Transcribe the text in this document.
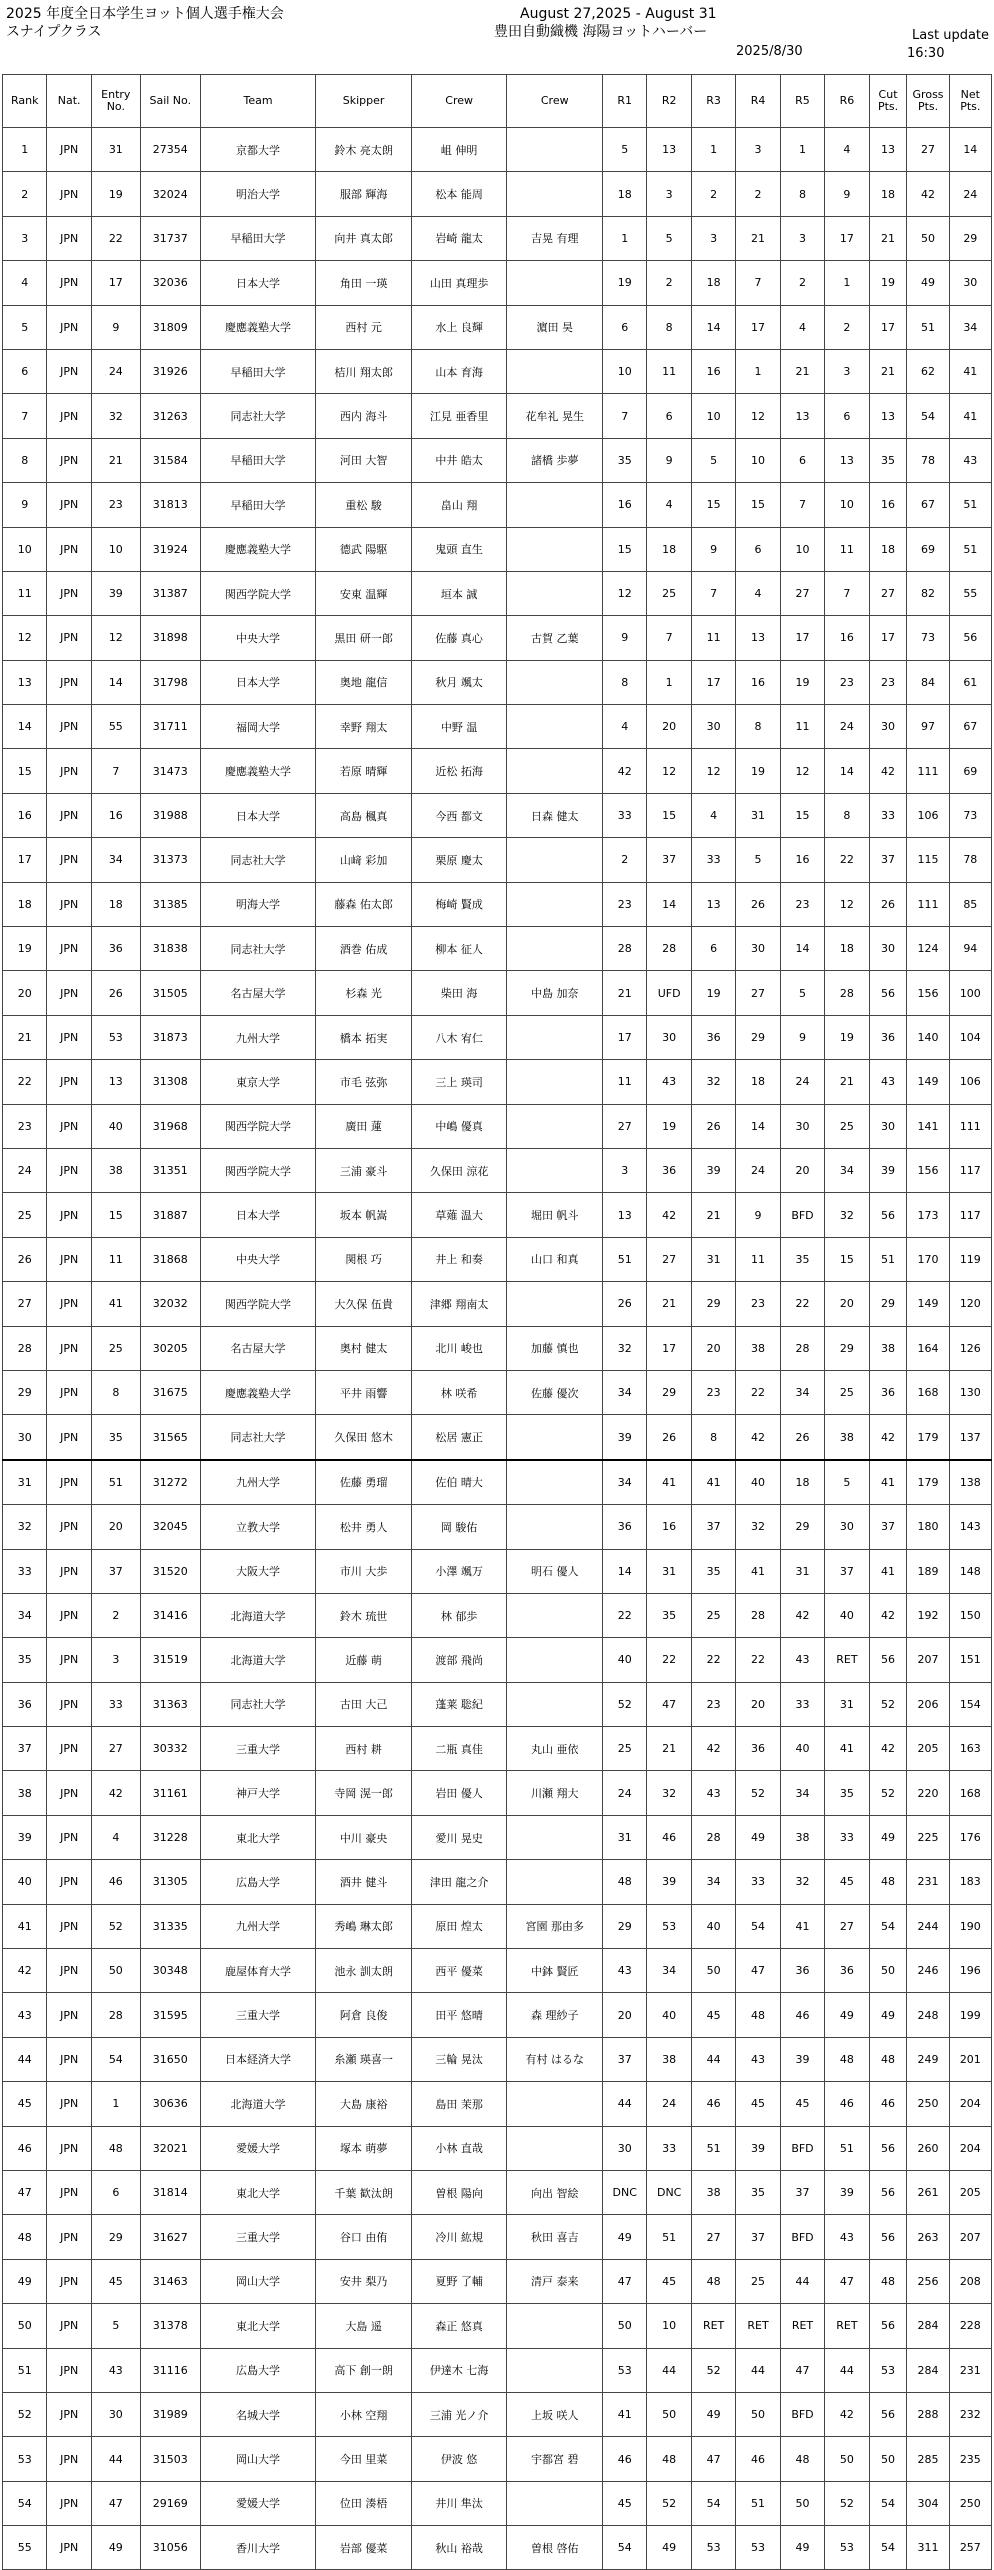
2025 年度全日本学生ヨット個人選手権大会
スナイプクラス
August 27,2025 - August 31
豊田自動織機 海陽ヨットハーバー
2025/8/30
Last update
16:30
Rank	Nat.	Entry No.	Sail No.	Team	Skipper	Crew	Crew	R1	R2	R3	R4	R5	R6	Cut Pts.	Gross Pts.	Net Pts.
1	JPN	31	27354	京都大学	鈴木 亮太朗	岨 伸明		5	13	1	3	1	4	13	27	14
2	JPN	19	32024	明治大学	服部 輝海	松本 能周		18	3	2	2	8	9	18	42	24
3	JPN	22	31737	早稲田大学	向井 真太郎	岩崎 龍太	吉晃 有理	1	5	3	21	3	17	21	50	29
4	JPN	17	32036	日本大学	角田 一瑛	山田 真理歩		19	2	18	7	2	1	19	49	30
5	JPN	9	31809	慶應義塾大学	西村 元	水上 良輝	濵田 昊	6	8	14	17	4	2	17	51	34
6	JPN	24	31926	早稲田大学	桔川 翔太郎	山本 育海		10	11	16	1	21	3	21	62	41
7	JPN	32	31263	同志社大学	西内 海斗	江見 亜香里	花牟礼 晃生	7	6	10	12	13	6	13	54	41
8	JPN	21	31584	早稲田大学	河田 大智	中井 皓太	諸橋 歩夢	35	9	5	10	6	13	35	78	43
9	JPN	23	31813	早稲田大学	重松 駿	畠山 翔		16	4	15	15	7	10	16	67	51
10	JPN	10	31924	慶應義塾大学	德武 陽駆	鬼頭 直生		15	18	9	6	10	11	18	69	51
11	JPN	39	31387	関西学院大学	安東 温輝	垣本 誠		12	25	7	4	27	7	27	82	55
12	JPN	12	31898	中央大学	黒田 研一郎	佐藤 真心	古賀 乙葉	9	7	11	13	17	16	17	73	56
13	JPN	14	31798	日本大学	奥地 龍信	秋月 颯太		8	1	17	16	19	23	23	84	61
14	JPN	55	31711	福岡大学	幸野 翔太	中野 温		4	20	30	8	11	24	30	97	67
15	JPN	7	31473	慶應義塾大学	若原 晴輝	近松 拓海		42	12	12	19	12	14	42	111	69
16	JPN	16	31988	日本大学	高島 楓真	今西 都文	日森 健太	33	15	4	31	15	8	33	106	73
17	JPN	34	31373	同志社大学	山﨑 彩加	栗原 慶太		2	37	33	5	16	22	37	115	78
18	JPN	18	31385	明海大学	藤森 佑太郎	梅崎 賢成		23	14	13	26	23	12	26	111	85
19	JPN	36	31838	同志社大学	酒巻 佑成	柳本 征人		28	28	6	30	14	18	30	124	94
20	JPN	26	31505	名古屋大学	杉森 光	柴田 海	中島 加奈	21	UFD	19	27	5	28	56	156	100
21	JPN	53	31873	九州大学	橋本 拓実	八木 宥仁		17	30	36	29	9	19	36	140	104
22	JPN	13	31308	東京大学	市毛 弦弥	三上 瑛司		11	43	32	18	24	21	43	149	106
23	JPN	40	31968	関西学院大学	廣田 蓮	中嶋 優真		27	19	26	14	30	25	30	141	111
24	JPN	38	31351	関西学院大学	三浦 豪斗	久保田 涼花		3	36	39	24	20	34	39	156	117
25	JPN	15	31887	日本大学	坂本 帆嵩	草薙 温大	堀田 帆斗	13	42	21	9	BFD	32	56	173	117
26	JPN	11	31868	中央大学	関根 巧	井上 和奏	山口 和真	51	27	31	11	35	15	51	170	119
27	JPN	41	32032	関西学院大学	大久保 伍貴	津郷 翔南太		26	21	29	23	22	20	29	149	120
28	JPN	25	30205	名古屋大学	奥村 健太	北川 峻也	加藤 慎也	32	17	20	38	28	29	38	164	126
29	JPN	8	31675	慶應義塾大学	平井 雨響	林 咲希	佐藤 優次	34	29	23	22	34	25	36	168	130
30	JPN	35	31565	同志社大学	久保田 悠木	松居 憲正		39	26	8	42	26	38	42	179	137
31	JPN	51	31272	九州大学	佐藤 勇瑠	佐伯 晴大		34	41	41	40	18	5	41	179	138
32	JPN	20	32045	立教大学	松井 勇人	岡 駿佑		36	16	37	32	29	30	37	180	143
33	JPN	37	31520	大阪大学	市川 大歩	小澤 颯万	明石 優人	14	31	35	41	31	37	41	189	148
34	JPN	2	31416	北海道大学	鈴木 琉世	林 郁歩		22	35	25	28	42	40	42	192	150
35	JPN	3	31519	北海道大学	近藤 萌	渡部 飛尚		40	22	22	22	43	RET	56	207	151
36	JPN	33	31363	同志社大学	古田 大己	蓬莱 聡紀		52	47	23	20	33	31	52	206	154
37	JPN	27	30332	三重大学	西村 耕	二瓶 真佳	丸山 亜依	25	21	42	36	40	41	42	205	163
38	JPN	42	31161	神戸大学	寺岡 滉一郎	岩田 優人	川瀬 翔大	24	32	43	52	34	35	52	220	168
39	JPN	4	31228	東北大学	中川 豪央	愛川 晃史		31	46	28	49	38	33	49	225	176
40	JPN	46	31305	広島大学	酒井 健斗	津田 龍之介		48	39	34	33	32	45	48	231	183
41	JPN	52	31335	九州大学	秀嶋 琳太郎	原田 煌太	宮園 那由多	29	53	40	54	41	27	54	244	190
42	JPN	50	30348	鹿屋体育大学	池永 訓太朗	西平 優菜	中鉢 賢匠	43	34	50	47	36	36	50	246	196
43	JPN	28	31595	三重大学	阿倉 良俊	田平 悠晴	森 理紗子	20	40	45	48	46	49	49	248	199
44	JPN	54	31650	日本経済大学	糸瀬 瑛喜一	三輪 晃汰	有村 はるな	37	38	44	43	39	48	48	249	201
45	JPN	1	30636	北海道大学	大島 康裕	島田 茉那		44	24	46	45	45	46	46	250	204
46	JPN	48	32021	愛媛大学	塚本 萌夢	小林 直哉		30	33	51	39	BFD	51	56	260	204
47	JPN	6	31814	東北大学	千葉 歓汰朗	曽根 陽向	向出 智絵	DNC	DNC	38	35	37	39	56	261	205
48	JPN	29	31627	三重大学	谷口 由侑	冷川 紘規	秋田 喜吉	49	51	27	37	BFD	43	56	263	207
49	JPN	45	31463	岡山大学	安井 梨乃	夏野 了輔	清戸 泰来	47	45	48	25	44	47	48	256	208
50	JPN	5	31378	東北大学	大島 遥	森正 悠真		50	10	RET	RET	RET	RET	56	284	228
51	JPN	43	31116	広島大学	高下 創一朗	伊達木 七海		53	44	52	44	47	44	53	284	231
52	JPN	30	31989	名城大学	小林 空翔	三浦 光ノ介	上坂 咲人	41	50	49	50	BFD	42	56	288	232
53	JPN	44	31503	岡山大学	今田 里菜	伊波 悠	宇都宮 碧	46	48	47	46	48	50	50	285	235
54	JPN	47	29169	愛媛大学	位田 湊梧	井川 隼汰		45	52	54	51	50	52	54	304	250
55	JPN	49	31056	香川大学	岩部 優菜	秋山 裕哉	曽根 啓佑	54	49	53	53	49	53	54	311	257
